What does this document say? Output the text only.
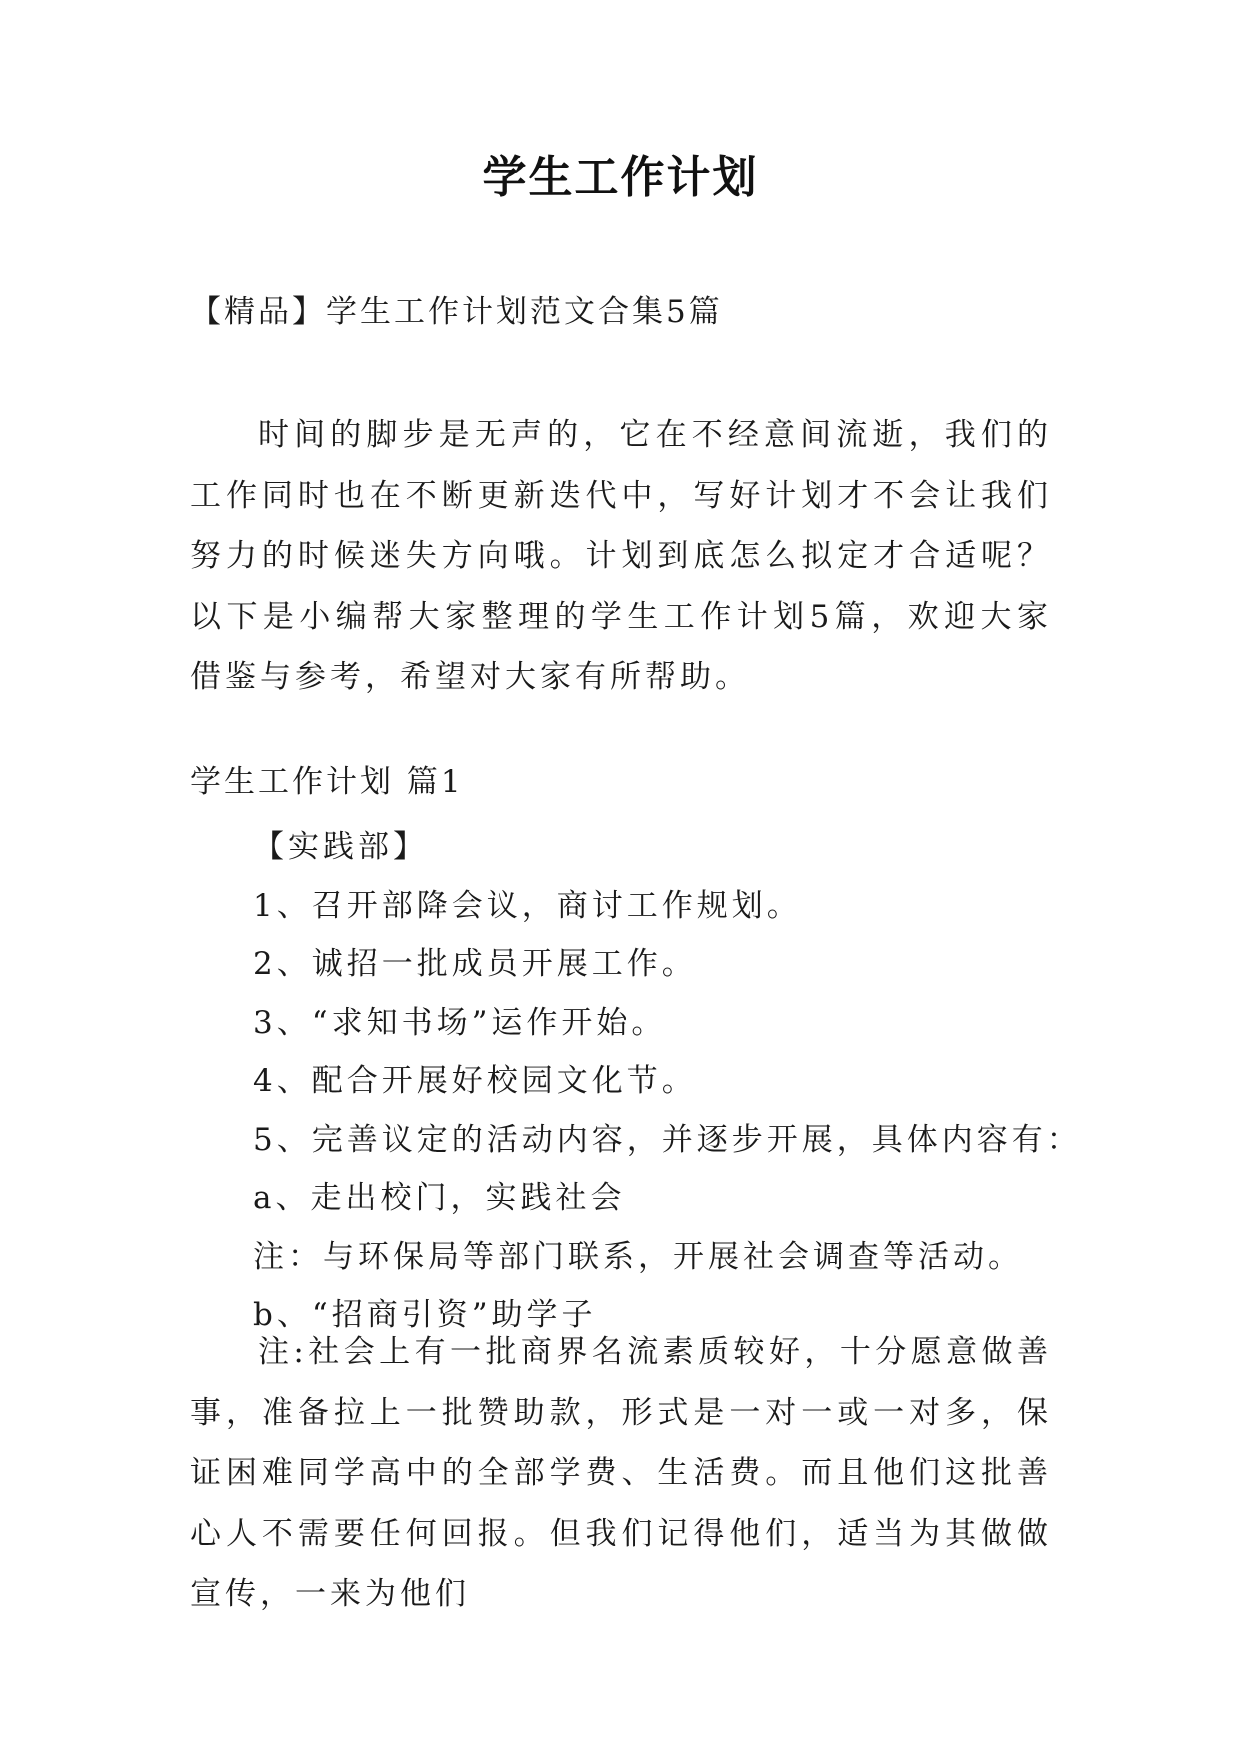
学生工作计划
【精品】学生工作计划范文合集5篇
时间的脚步是无声的，它在不经意间流逝，我们的工作同时也在不断更新迭代中，写好计划才不会让我们努力的时候迷失方向哦。计划到底怎么拟定才合适呢？以下是小编帮大家整理的学生工作计划5篇，欢迎大家借鉴与参考，希望对大家有所帮助。
学生工作计划 篇1
【实践部】
1、召开部降会议，商讨工作规划。
2、诚招一批成员开展工作。
3、“求知书场”运作开始。
4、配合开展好校园文化节。
5、完善议定的活动内容，并逐步开展，具体内容有：
a、走出校门，实践社会
注：与环保局等部门联系，开展社会调查等活动。
b、“招商引资”助学子
注:社会上有一批商界名流素质较好，十分愿意做善事，准备拉上一批赞助款，形式是一对一或一对多，保证困难同学高中的全部学费、生活费。而且他们这批善心人不需要任何回报。但我们记得他们，适当为其做做宣传，一来为他们
